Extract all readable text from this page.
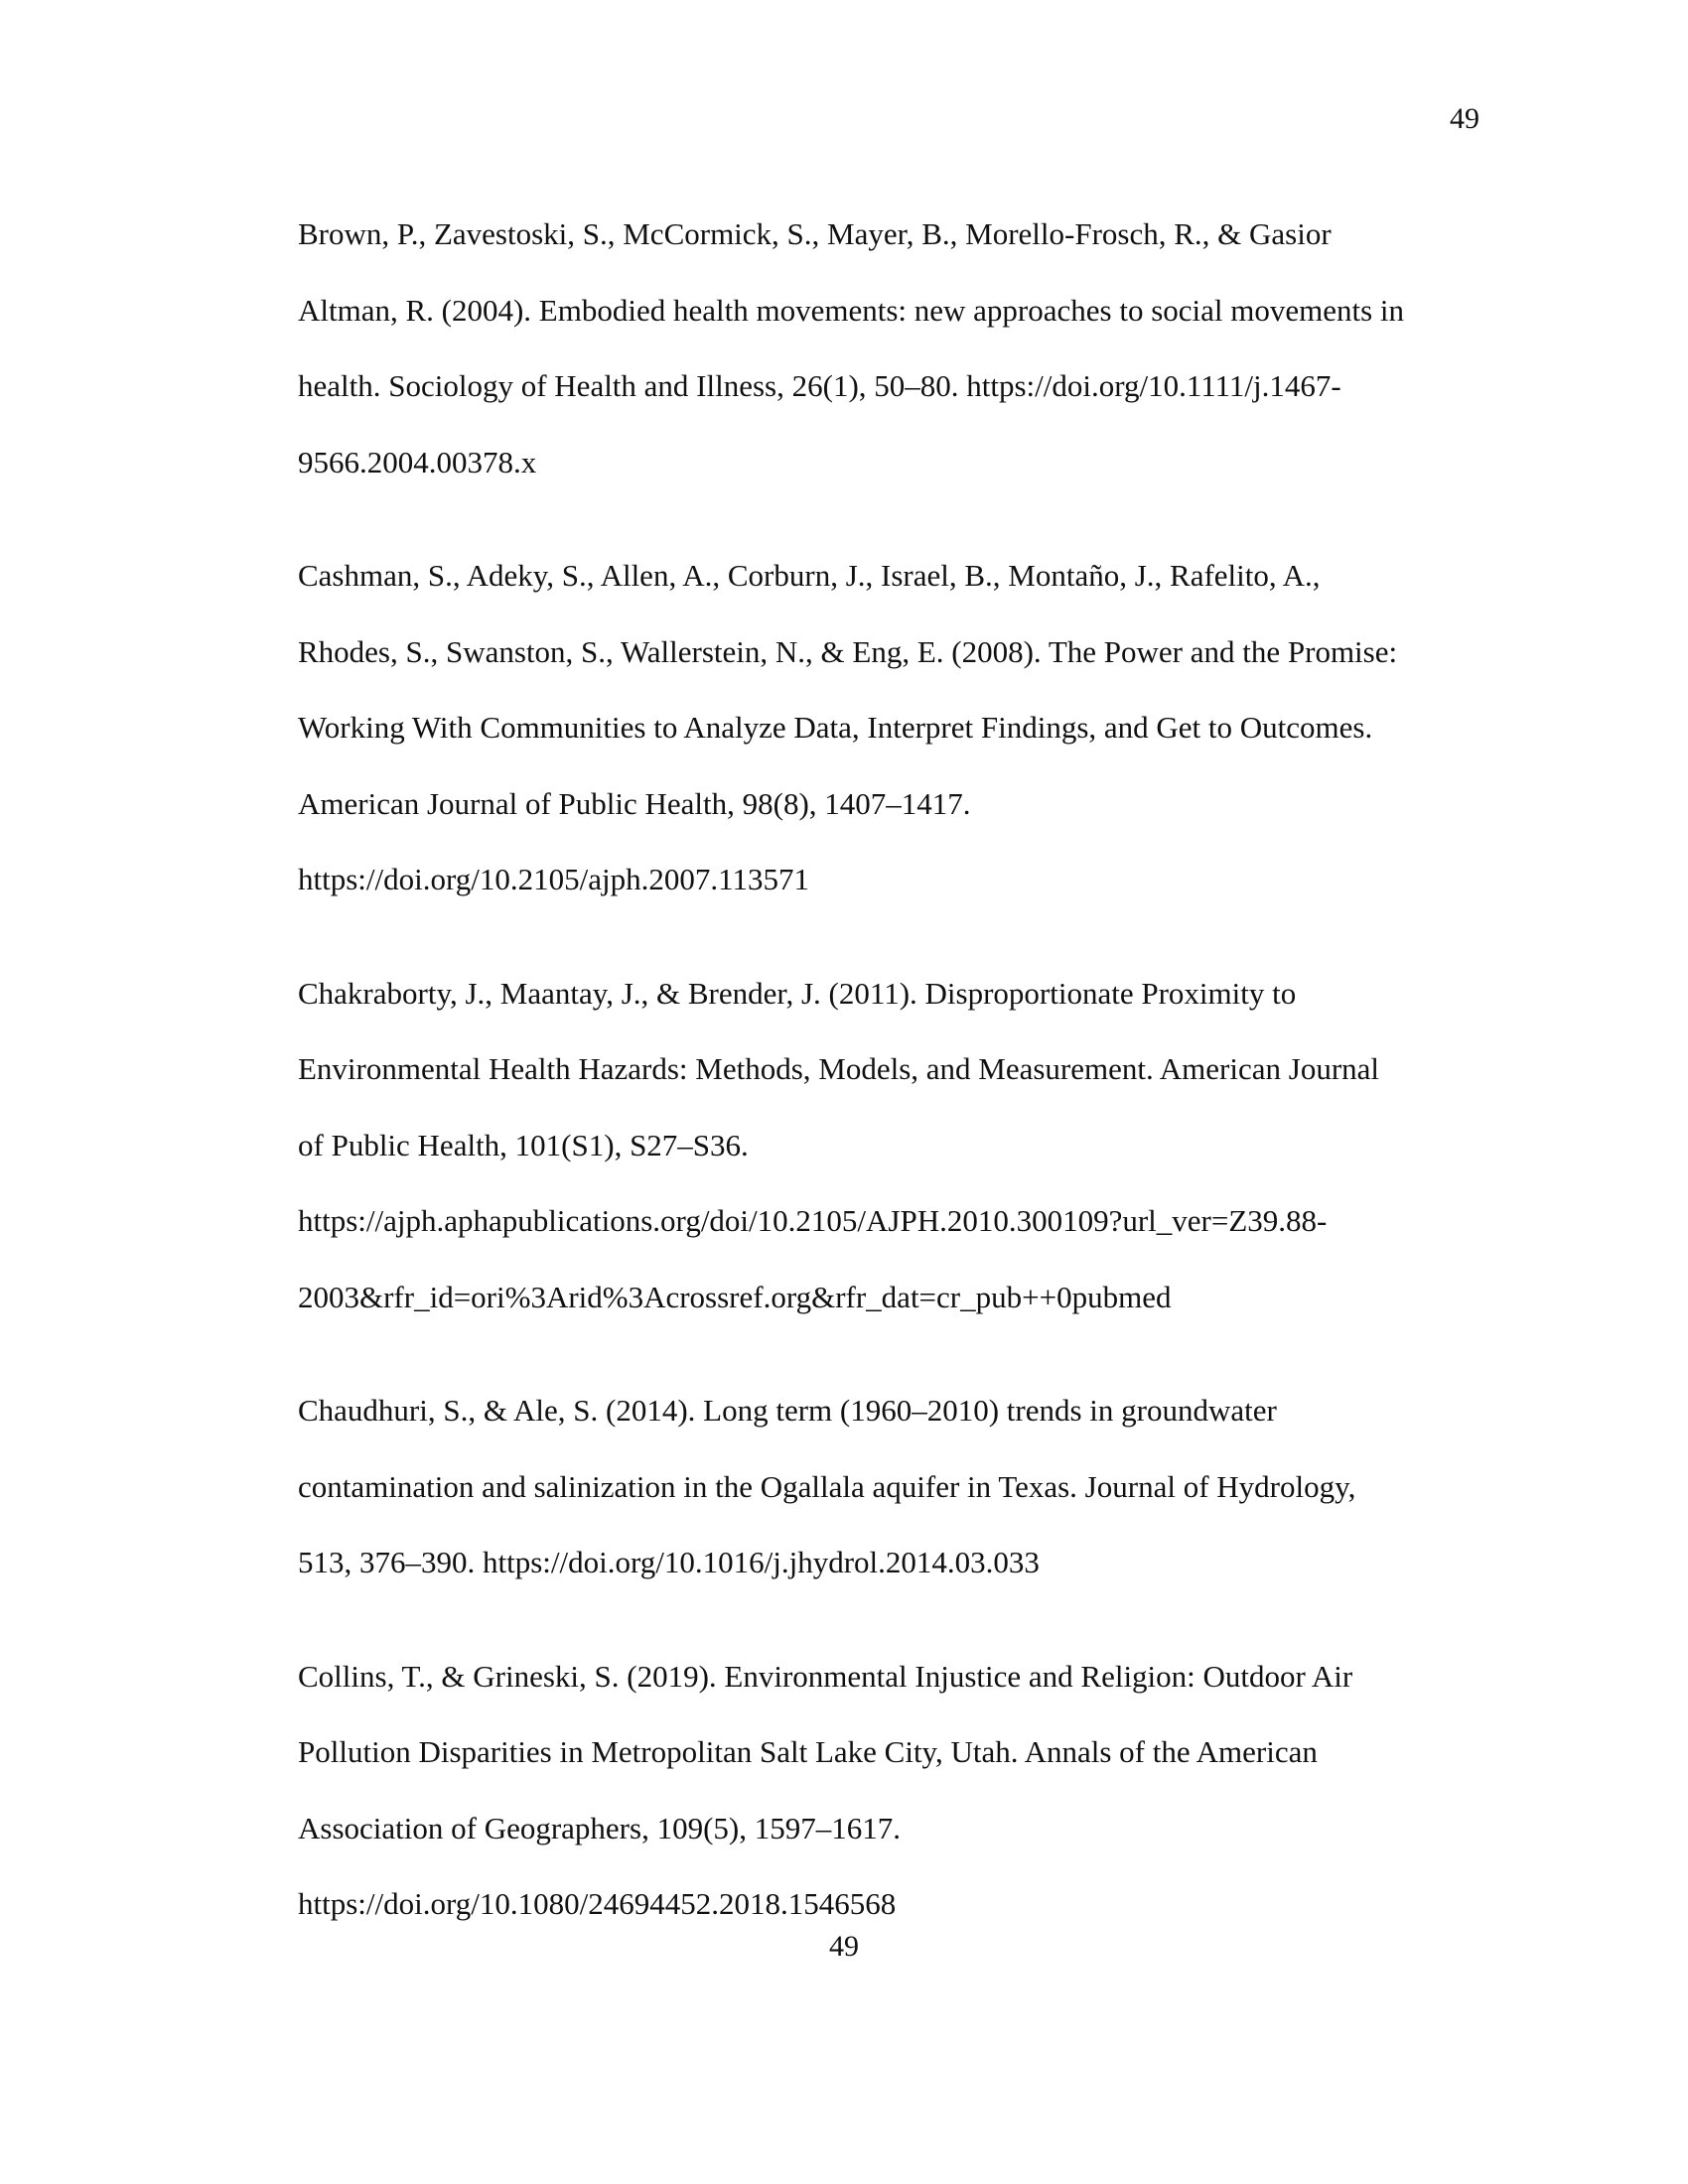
49

Brown, P., Zavestoski, S., McCormick, S., Mayer, B., Morello-Frosch, R., & Gasior
Altman, R. (2004). Embodied health movements: new approaches to social movements in
health. Sociology of Health and Illness, 26(1), 50–80. https://doi.org/10.1111/j.1467-
9566.2004.00378.x

Cashman, S., Adeky, S., Allen, A., Corburn, J., Israel, B., Montaño, J., Rafelito, A.,
Rhodes, S., Swanston, S., Wallerstein, N., & Eng, E. (2008). The Power and the Promise:
Working With Communities to Analyze Data, Interpret Findings, and Get to Outcomes.
American Journal of Public Health, 98(8), 1407–1417.
https://doi.org/10.2105/ajph.2007.113571

Chakraborty, J., Maantay, J., & Brender, J. (2011). Disproportionate Proximity to
Environmental Health Hazards: Methods, Models, and Measurement. American Journal
of Public Health, 101(S1), S27–S36.
https://ajph.aphapublications.org/doi/10.2105/AJPH.2010.300109?url_ver=Z39.88-
2003&rfr_id=ori%3Arid%3Acrossref.org&rfr_dat=cr_pub++0pubmed

Chaudhuri, S., & Ale, S. (2014). Long term (1960–2010) trends in groundwater
contamination and salinization in the Ogallala aquifer in Texas. Journal of Hydrology,
513, 376–390. https://doi.org/10.1016/j.jhydrol.2014.03.033

Collins, T., & Grineski, S. (2019). Environmental Injustice and Religion: Outdoor Air
Pollution Disparities in Metropolitan Salt Lake City, Utah. Annals of the American
Association of Geographers, 109(5), 1597–1617.
https://doi.org/10.1080/24694452.2018.1546568

49
